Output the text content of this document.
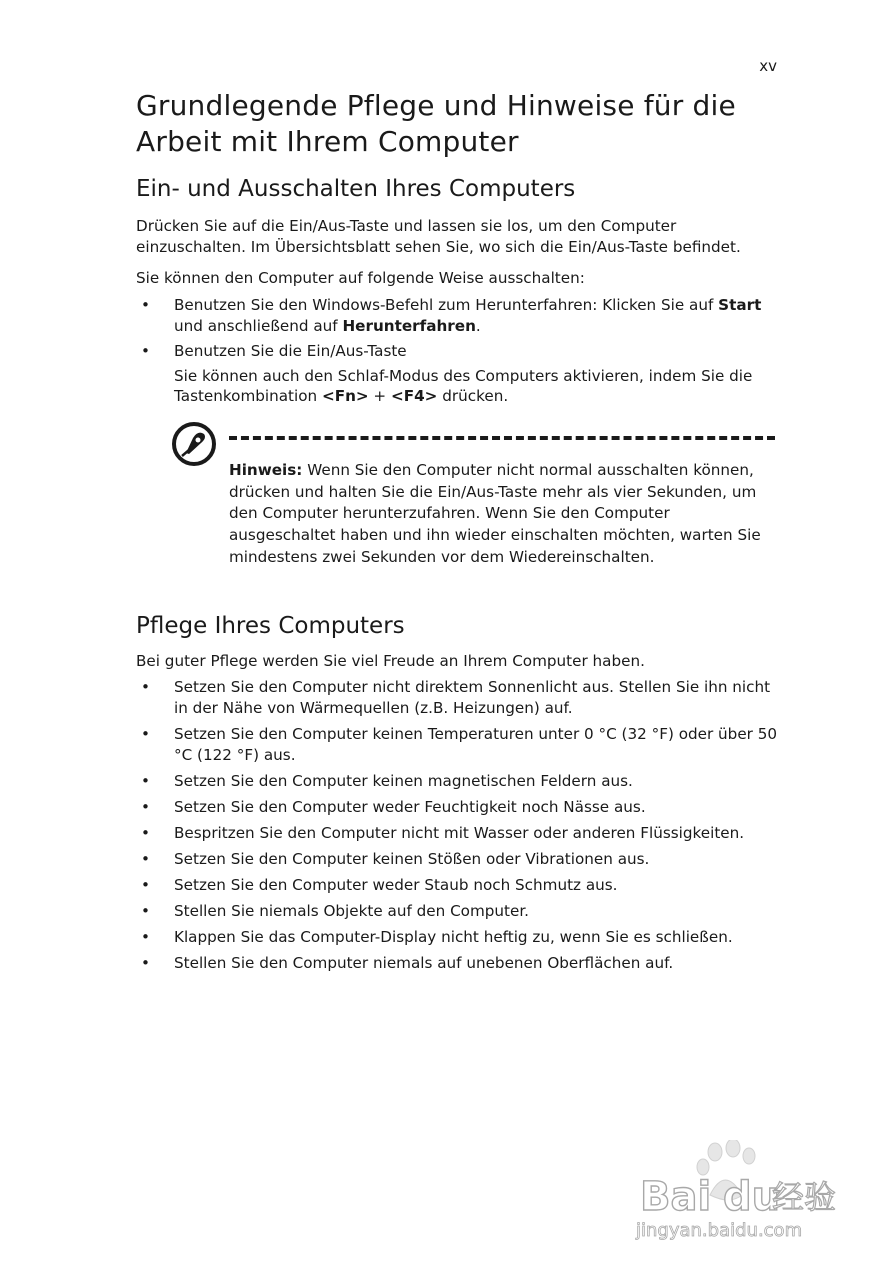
xv
Grundlegende Pflege und Hinweise für die Arbeit mit Ihrem Computer
Ein- und Ausschalten Ihres Computers

Drücken Sie auf die Ein/Aus-Taste und lassen sie los, um den Computer einzuschalten. Im Übersichtsblatt sehen Sie, wo sich die Ein/Aus-Taste befindet.

Sie können den Computer auf folgende Weise ausschalten:

• Benutzen Sie den Windows-Befehl zum Herunterfahren: Klicken Sie auf Start und anschließend auf Herunterfahren.
• Benutzen Sie die Ein/Aus-Taste
Sie können auch den Schlaf-Modus des Computers aktivieren, indem Sie die Tastenkombination <Fn> + <F4> drücken.

Hinweis: Wenn Sie den Computer nicht normal ausschalten können, drücken und halten Sie die Ein/Aus-Taste mehr als vier Sekunden, um den Computer herunterzufahren. Wenn Sie den Computer ausgeschaltet haben und ihn wieder einschalten möchten, warten Sie mindestens zwei Sekunden vor dem Wiedereinschalten.

Pflege Ihres Computers

Bei guter Pflege werden Sie viel Freude an Ihrem Computer haben.

• Setzen Sie den Computer nicht direktem Sonnenlicht aus. Stellen Sie ihn nicht in der Nähe von Wärmequellen (z.B. Heizungen) auf.
• Setzen Sie den Computer keinen Temperaturen unter 0 °C (32 °F) oder über 50 °C (122 °F) aus.
• Setzen Sie den Computer keinen magnetischen Feldern aus.
• Setzen Sie den Computer weder Feuchtigkeit noch Nässe aus.
• Bespritzen Sie den Computer nicht mit Wasser oder anderen Flüssigkeiten.
• Setzen Sie den Computer keinen Stößen oder Vibrationen aus.
• Setzen Sie den Computer weder Staub noch Schmutz aus.
• Stellen Sie niemals Objekte auf den Computer.
• Klappen Sie das Computer-Display nicht heftig zu, wenn Sie es schließen.
• Stellen Sie den Computer niemals auf unebenen Oberflächen auf.
Bai du
经验
jingyan.baidu.com
